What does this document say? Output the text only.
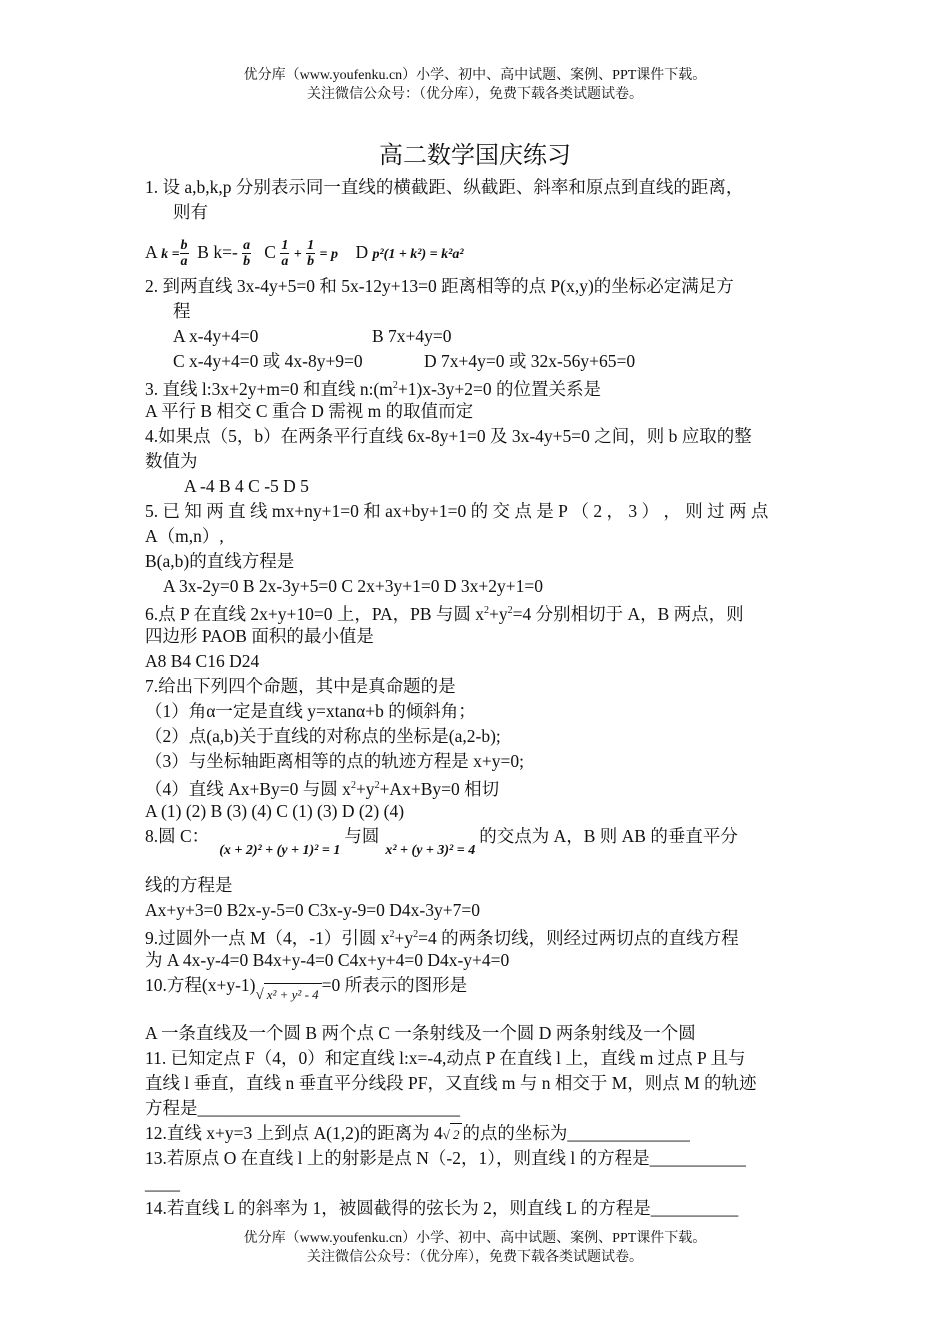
优分库（www.youfenku.cn）小学、初中、高中试题、案例、PPT课件下载。
关注微信公众号：（优分库），免费下载各类试题试卷。
高二数学国庆练习
1. 设 a,b,k,p 分别表示同一直线的横截距、纵截距、斜率和原点到直线的距离，
则有
A $k = \frac{b}{a}$ B $k=- \frac{a}{b}$ C $\frac{1}{a} + \frac{1}{b} = p$ D p²(1 + k²) = k²a²
2. 到两直线 3x-4y+5=0 和 5x-12y+13=0 距离相等的点 P(x,y)的坐标必定满足方
程
A x-4y+4=0	B 7x+4y=0
C x-4y+4=0 或 4x-8y+9=0	D 7x+4y=0 或 32x-56y+65=0
3. 直线 l:3x+2y+m=0 和直线 $n:(m^2+1)x-3y+2=0$ 的位置关系是
A 平行 B 相交 C 重合 D 需视 m 的取值而定
4.如果点（5，b）在两条平行直线 6x-8y+1=0 及 3x-4y+5=0 之间，则 b 应取的整
数值为
A -4 B 4 C -5 D 5
5. 已 知 两 直 线 mx+ny+1=0 和 ax+by+1=0 的 交 点 是 P （ 2 ， 3 ） ， 则 过 两 点
A（m,n）,
B(a,b)的直线方程是
A 3x-2y=0 B 2x-3y+5=0 C 2x+3y+1=0 D 3x+2y+1=0
6.点 P 在直线 2x+y+10=0 上，PA，PB 与圆 $x^2+y^2=4$ 分别相切于 A，B 两点，则
四边形 PAOB 面积的最小值是
A8 B4 C16 D24
7.给出下列四个命题，其中是真命题的是
（1）角α一定是直线 y=xtanα+b 的倾斜角；
（2）点(a,b)关于直线的对称点的坐标是(a,2-b);
（3）与坐标轴距离相等的点的轨迹方程是 x+y=0;
（4）直线 Ax+By=0 与圆 $x^2+y^2+Ax+By=0$ 相切
A (1) (2) B (3) (4) C (1) (3) D (2) (4)
8.圆 C：$_{(x + 2)^2 + (y + 1)^2 = 1}$与圆$_{x^2 + (y + 3)^2 = 4}$的交点为 A，B 则 AB 的垂直平分
线的方程是
Ax+y+3=0 B2x-y-5=0 C3x-y-9=0 D4x-3y+7=0
9.过圆外一点 M（4，-1）引圆 $x^2+y^2=4$ 的两条切线，则经过两切点的直线方程
为 A 4x-y-4=0 B4x+y-4=0 C4x+y+4=0 D4x-y+4=0
10.方程(x+y-1)√ x² + y² - 4 =0 所表示的图形是
A 一条直线及一个圆 B 两个点 C 一条射线及一个圆 D 两条射线及一个圆
11. 已知定点 F（4，0）和定直线 l:x=-4,动点 P 在直线 l 上，直线 m 过点 P 且与
直线 l 垂直，直线 n 垂直平分线段 PF，又直线 m 与 n 相交于 M，则点 M 的轨迹
方程是______________________________
12.直线 x+y=3 上到点 A(1,2)的距离为 4√ 2 的点的坐标为______________
13.若原点 O 在直线 l 上的射影是点 N（-2，1），则直线 l 的方程是___________
____
14.若直线 L 的斜率为 1，被圆截得的弦长为 2，则直线 L 的方程是__________
优分库（www.youfenku.cn）小学、初中、高中试题、案例、PPT课件下载。
关注微信公众号：（优分库），免费下载各类试题试卷。
